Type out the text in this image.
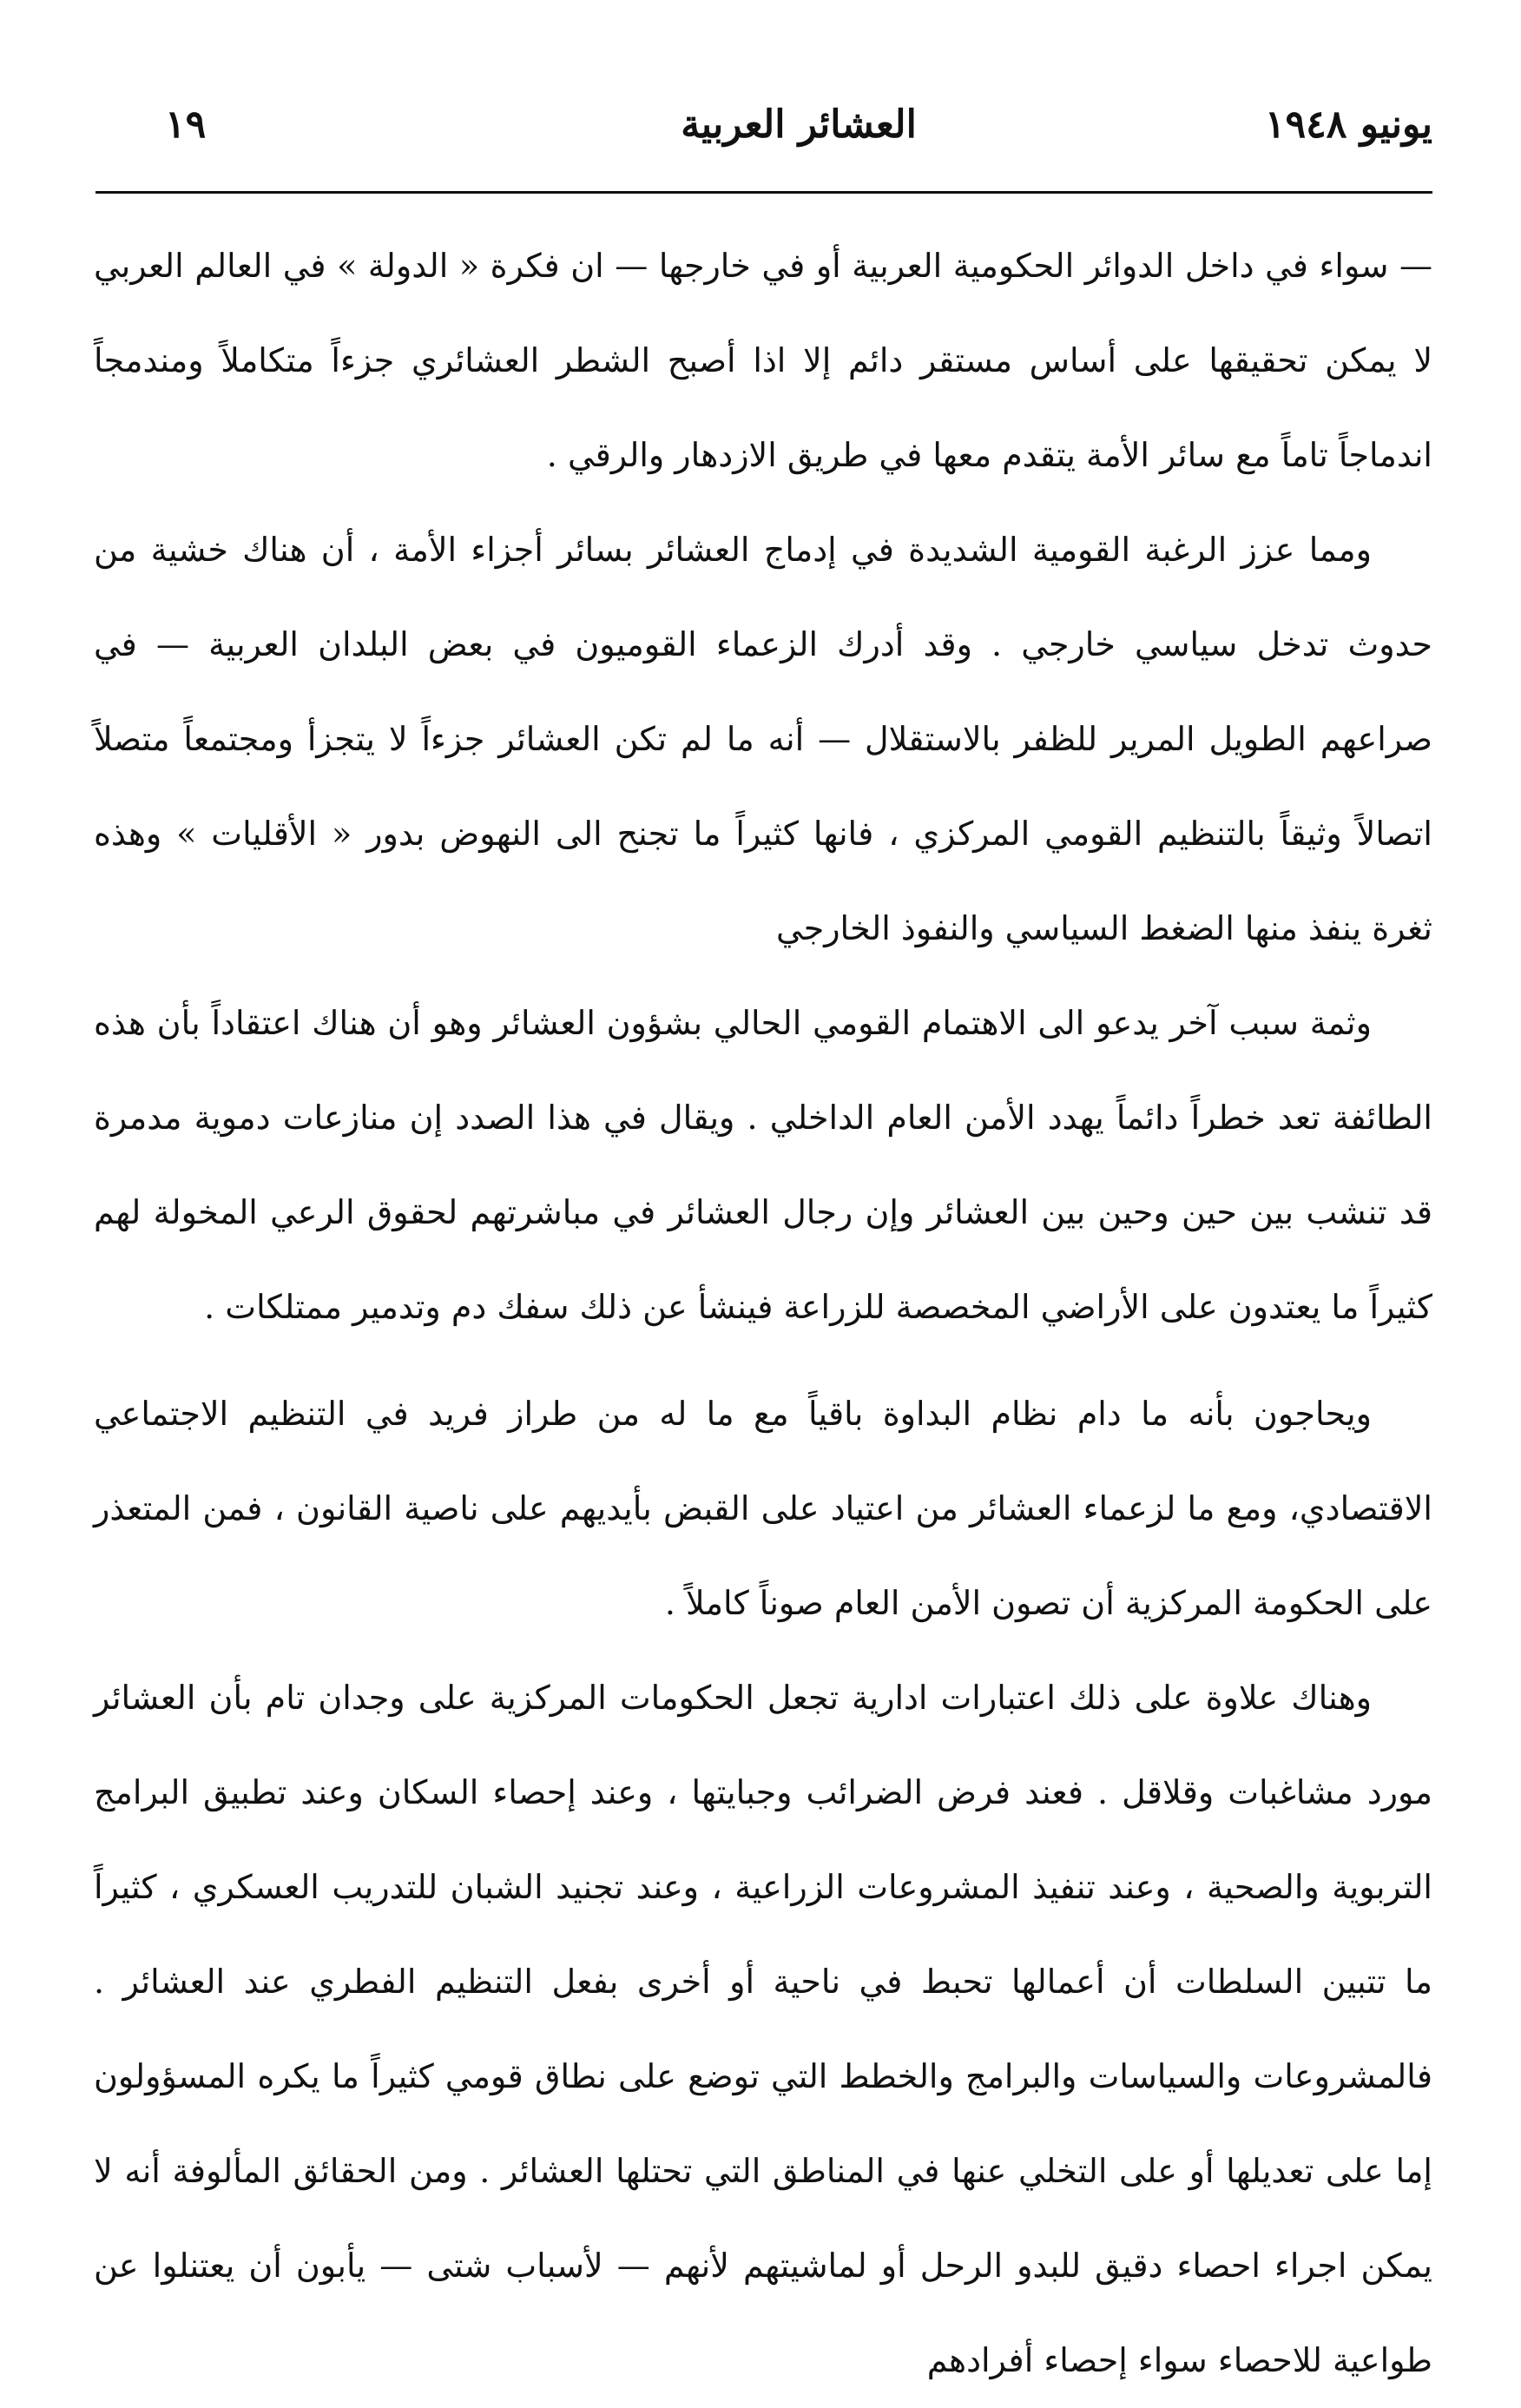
يونيو ١٩٤٨
العشائر العربية
١٩

— سواء في داخل الدوائر الحكومية العربية أو في خارجها — ان فكرة « الدولة » في العالم العربي لا يمكن تحقيقها على أساس مستقر دائم إلا اذا أصبح الشطر العشائري جزءاً متكاملاً ومندمجاً اندماجاً تاماً مع سائر الأمة يتقدم معها في طريق الازدهار والرقي .

ومما عزز الرغبة القومية الشديدة في إدماج العشائر بسائر أجزاء الأمة ، أن هناك خشية من حدوث تدخل سياسي خارجي . وقد أدرك الزعماء القوميون في بعض البلدان العربية — في صراعهم الطويل المرير للظفر بالاستقلال — أنه ما لم تكن العشائر جزءاً لا يتجزأ ومجتمعاً متصلاً اتصالاً وثيقاً بالتنظيم القومي المركزي ، فانها كثيراً ما تجنح الى النهوض بدور « الأقليات » وهذه ثغرة ينفذ منها الضغط السياسي والنفوذ الخارجي

وثمة سبب آخر يدعو الى الاهتمام القومي الحالي بشؤون العشائر وهو أن هناك اعتقاداً بأن هذه الطائفة تعد خطراً دائماً يهدد الأمن العام الداخلي . ويقال في هذا الصدد إن منازعات دموية مدمرة قد تنشب بين حين وحين بين العشائر وإن رجال العشائر في مباشرتهم لحقوق الرعي المخولة لهم كثيراً ما يعتدون على الأراضي المخصصة للزراعة فينشأ عن ذلك سفك دم وتدمير ممتلكات .

ويحاجون بأنه ما دام نظام البداوة باقياً مع ما له من طراز فريد في التنظيم الاجتماعي الاقتصادي، ومع ما لزعماء العشائر من اعتياد على القبض بأيديهم على ناصية القانون ، فمن المتعذر على الحكومة المركزية أن تصون الأمن العام صوناً كاملاً .

وهناك علاوة على ذلك اعتبارات ادارية تجعل الحكومات المركزية على وجدان تام بأن العشائر مورد مشاغبات وقلاقل . فعند فرض الضرائب وجبايتها ، وعند إحصاء السكان وعند تطبيق البرامج التربوية والصحية ، وعند تنفيذ المشروعات الزراعية ، وعند تجنيد الشبان للتدريب العسكري ، كثيراً ما تتبين السلطات أن أعمالها تحبط في ناحية أو أخرى بفعل التنظيم الفطري عند العشائر . فالمشروعات والسياسات والبرامج والخطط التي توضع على نطاق قومي كثيراً ما يكره المسؤولون إما على تعديلها أو على التخلي عنها في المناطق التي تحتلها العشائر . ومن الحقائق المألوفة أنه لا يمكن اجراء احصاء دقيق للبدو الرحل أو لماشيتهم لأنهم — لأسباب شتى — يأبون أن يعتنلوا عن طواعية للاحصاء سواء إحصاء أفرادهم
